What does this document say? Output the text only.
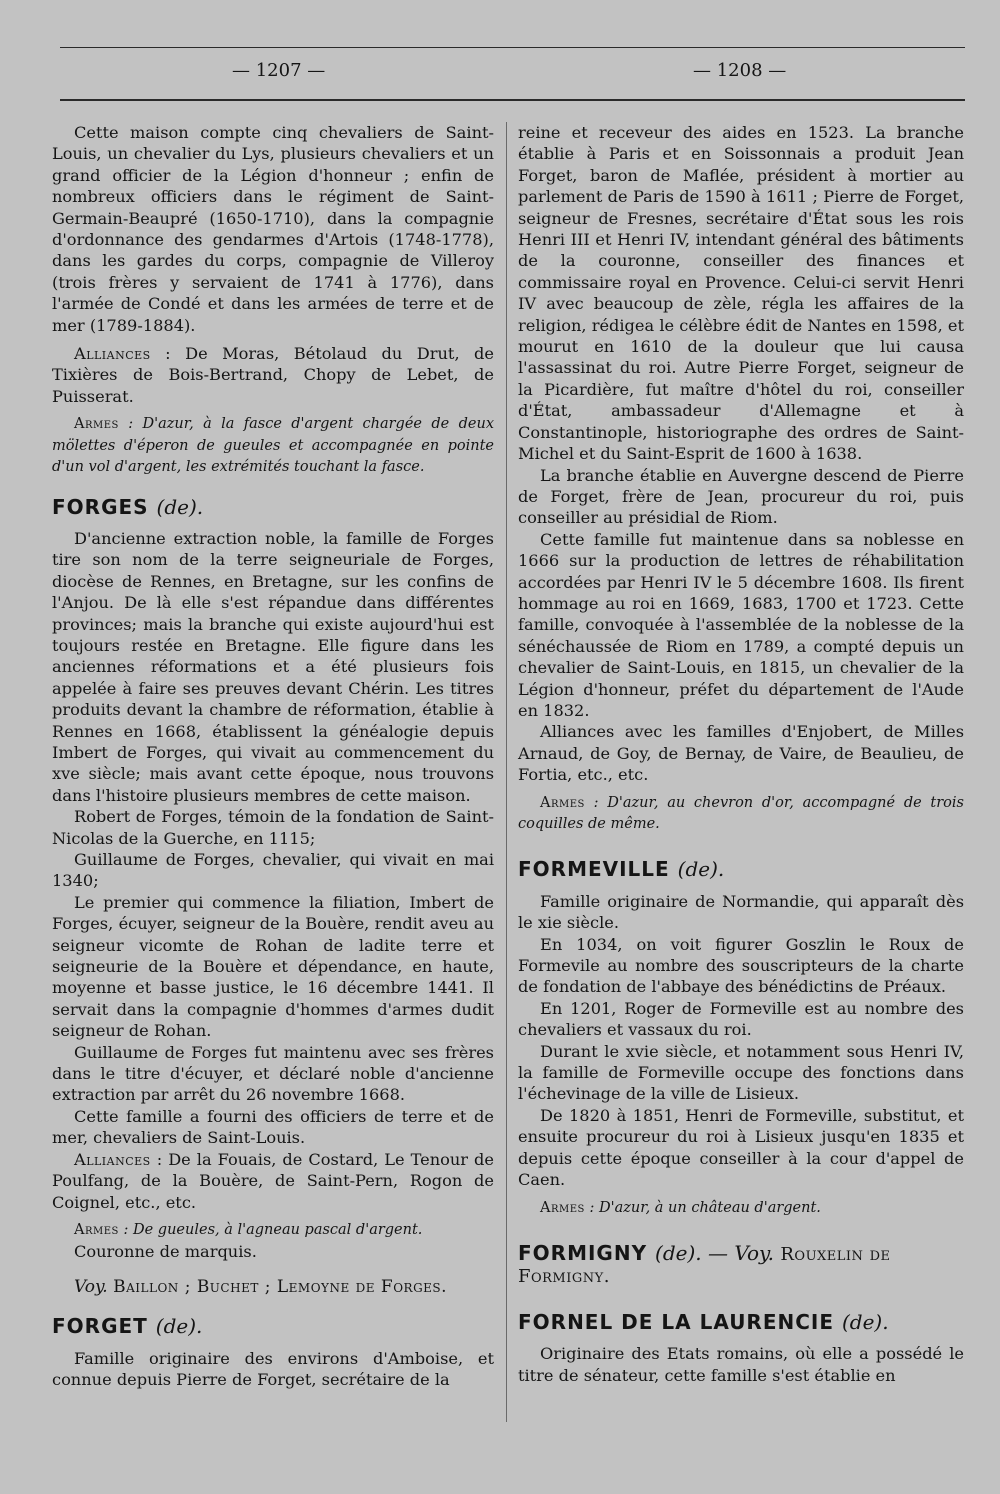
— 1207 —	— 1208 —

Cette maison compte cinq chevaliers de Saint-Louis, un chevalier du Lys, plusieurs chevaliers et un grand officier de la Légion d'honneur ; enfin de nombreux officiers dans le régiment de Saint-Germain-Beaupré (1650-1710), dans la compagnie d'ordonnance des gendarmes d'Artois (1748-1778), dans les gardes du corps, compagnie de Villeroy (trois frères y servaient de 1741 à 1776), dans l'armée de Condé et dans les armées de terre et de mer (1789-1884).

Alliances : De Moras, Bétolaud du Drut, de Tixières de Bois-Bertrand, Chopy de Lebet, de Puisserat.

Armes : D'azur, à la fasce d'argent chargée de deux mölettes d'éperon de gueules et accompagnée en pointe d'un vol d'argent, les extrémités touchant la fasce.

FORGES (de).

D'ancienne extraction noble, la famille de Forges tire son nom de la terre seigneuriale de Forges, diocèse de Rennes, en Bretagne, sur les confins de l'Anjou. De là elle s'est répandue dans différentes provinces; mais la branche qui existe aujourd'hui est toujours restée en Bretagne. Elle figure dans les anciennes réformations et a été plusieurs fois appelée à faire ses preuves devant Chérin. Les titres produits devant la chambre de réformation, établie à Rennes en 1668, établissent la généalogie depuis Imbert de Forges, qui vivait au commencement du xve siècle; mais avant cette époque, nous trouvons dans l'histoire plusieurs membres de cette maison.

Robert de Forges, témoin de la fondation de Saint-Nicolas de la Guerche, en 1115;

Guillaume de Forges, chevalier, qui vivait en mai 1340;

Le premier qui commence la filiation, Imbert de Forges, écuyer, seigneur de la Bouère, rendit aveu au seigneur vicomte de Rohan de ladite terre et seigneurie de la Bouère et dépendance, en haute, moyenne et basse justice, le 16 décembre 1441. Il servait dans la compagnie d'hommes d'armes dudit seigneur de Rohan.

Guillaume de Forges fut maintenu avec ses frères dans le titre d'écuyer, et déclaré noble d'ancienne extraction par arrêt du 26 novembre 1668.

Cette famille a fourni des officiers de terre et de mer, chevaliers de Saint-Louis.

Alliances : De la Fouais, de Costard, Le Tenour de Poulfang, de la Bouère, de Saint-Pern, Rogon de Coignel, etc., etc.

Armes : De gueules, à l'agneau pascal d'argent.

Couronne de marquis.

Voy. Baillon ; Buchet ; Lemoyne de Forges.

FORGET (de).

Famille originaire des environs d'Amboise, et connue depuis Pierre de Forget, secrétaire de la

reine et receveur des aides en 1523. La branche établie à Paris et en Soissonnais a produit Jean Forget, baron de Maflée, président à mortier au parlement de Paris de 1590 à 1611 ; Pierre de Forget, seigneur de Fresnes, secrétaire d'État sous les rois Henri III et Henri IV, intendant général des bâtiments de la couronne, conseiller des finances et commissaire royal en Provence. Celui-ci servit Henri IV avec beaucoup de zèle, régla les affaires de la religion, rédigea le célèbre édit de Nantes en 1598, et mourut en 1610 de la douleur que lui causa l'assassinat du roi. Autre Pierre Forget, seigneur de la Picardière, fut maître d'hôtel du roi, conseiller d'État, ambassadeur d'Allemagne et à Constantinople, historiographe des ordres de Saint-Michel et du Saint-Esprit de 1600 à 1638.

La branche établie en Auvergne descend de Pierre de Forget, frère de Jean, procureur du roi, puis conseiller au présidial de Riom.

Cette famille fut maintenue dans sa noblesse en 1666 sur la production de lettres de réhabilitation accordées par Henri IV le 5 décembre 1608. Ils firent hommage au roi en 1669, 1683, 1700 et 1723. Cette famille, convoquée à l'assemblée de la noblesse de la sénéchaussée de Riom en 1789, a compté depuis un chevalier de Saint-Louis, en 1815, un chevalier de la Légion d'honneur, préfet du département de l'Aude en 1832.

Alliances avec les familles d'Enjobert, de Milles Arnaud, de Goy, de Bernay, de Vaire, de Beaulieu, de Fortia, etc., etc.

Armes : D'azur, au chevron d'or, accompagné de trois coquilles de même.

FORMEVILLE (de).

Famille originaire de Normandie, qui apparaît dès le xie siècle.

En 1034, on voit figurer Goszlin le Roux de Formevile au nombre des souscripteurs de la charte de fondation de l'abbaye des bénédictins de Préaux.

En 1201, Roger de Formeville est au nombre des chevaliers et vassaux du roi.

Durant le xvie siècle, et notamment sous Henri IV, la famille de Formeville occupe des fonctions dans l'échevinage de la ville de Lisieux.

De 1820 à 1851, Henri de Formeville, substitut, et ensuite procureur du roi à Lisieux jusqu'en 1835 et depuis cette époque conseiller à la cour d'appel de Caen.

Armes : D'azur, à un château d'argent.

FORMIGNY (de). — Voy. Rouxelin de Formigny.
FORNEL DE LA LAURENCIE (de).

Originaire des Etats romains, où elle a possédé le titre de sénateur, cette famille s'est établie en
